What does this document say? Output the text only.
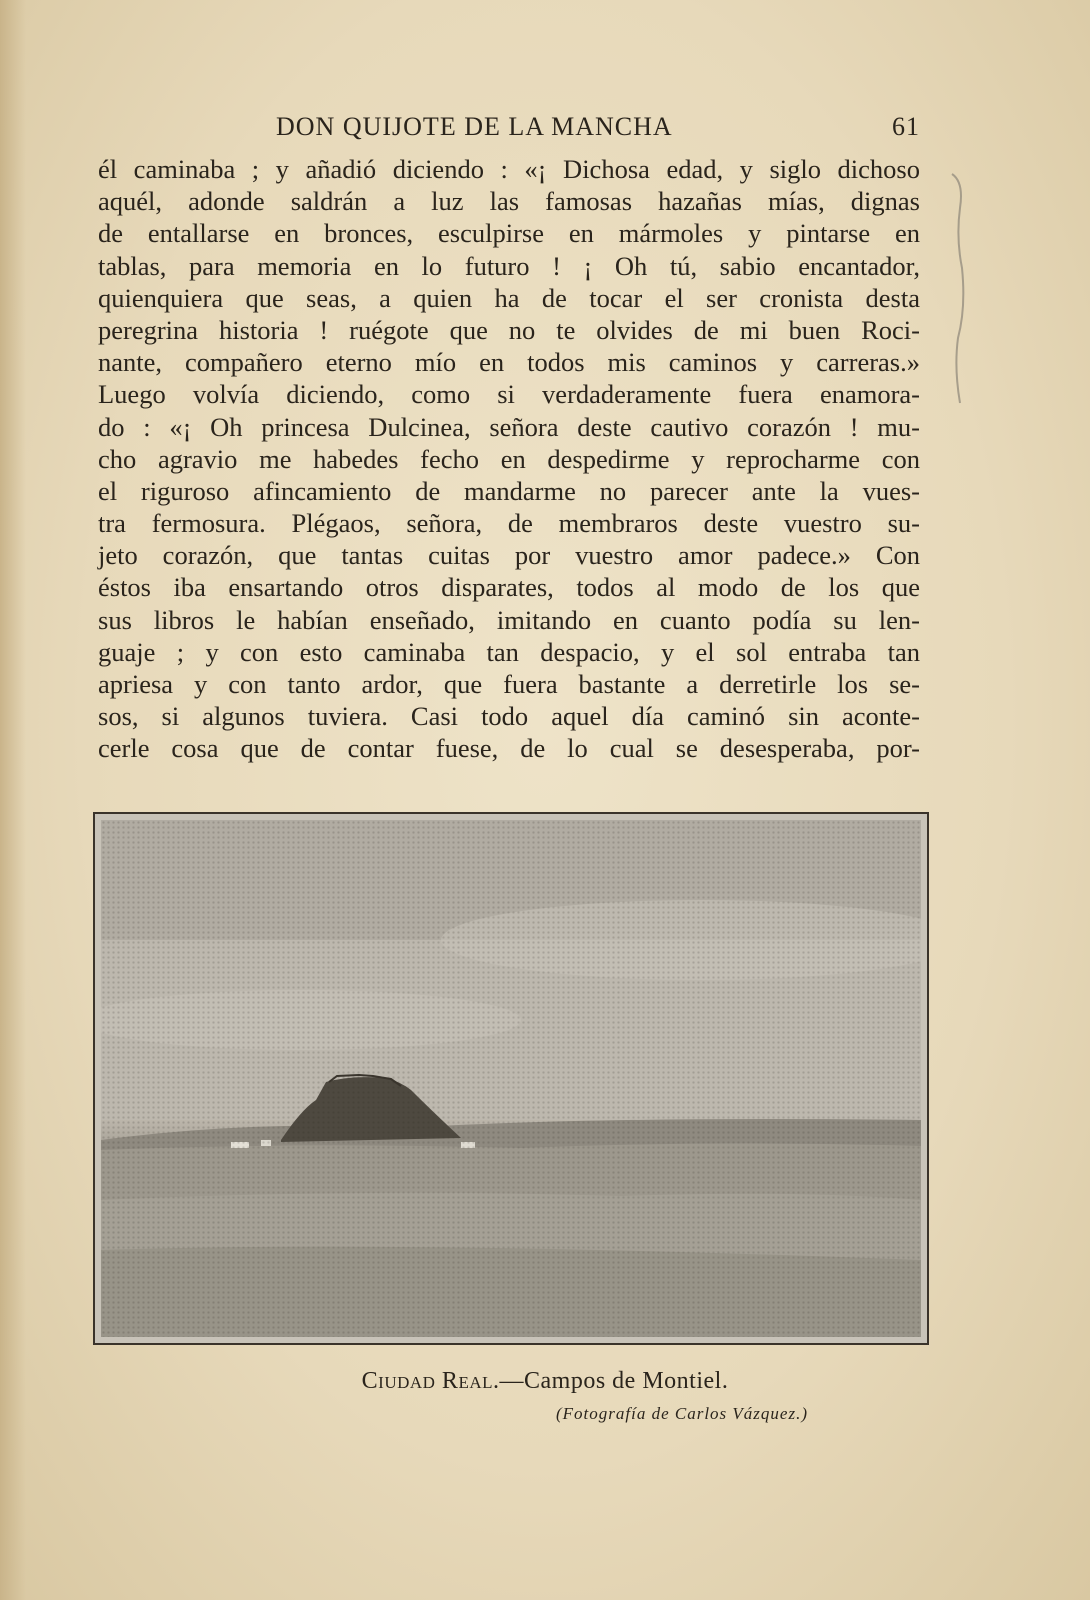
DON QUIJOTE DE LA MANCHA	61
él caminaba ; y añadió diciendo : «¡ Dichosa edad, y siglo dichoso
aquél, adonde saldrán a luz las famosas hazañas mías, dignas
de entallarse en bronces, esculpirse en mármoles y pintarse en
tablas, para memoria en lo futuro ! ¡ Oh tú, sabio encantador,
quienquiera que seas, a quien ha de tocar el ser cronista desta
peregrina historia ! ruégote que no te olvides de mi buen Roci-
nante, compañero eterno mío en todos mis caminos y carreras.»
Luego volvía diciendo, como si verdaderamente fuera enamora-
do : «¡ Oh princesa Dulcinea, señora deste cautivo corazón ! mu-
cho agravio me habedes fecho en despedirme y reprocharme con
el riguroso afincamiento de mandarme no parecer ante la vues-
tra fermosura. Plégaos, señora, de membraros deste vuestro su-
jeto corazón, que tantas cuitas por vuestro amor padece.» Con
éstos iba ensartando otros disparates, todos al modo de los que
sus libros le habían enseñado, imitando en cuanto podía su len-
guaje ; y con esto caminaba tan despacio, y el sol entraba tan
apriesa y con tanto ardor, que fuera bastante a derretirle los se-
sos, si algunos tuviera. Casi todo aquel día caminó sin aconte-
cerle cosa que de contar fuese, de lo cual se desesperaba, por-
Ciudad Real.—Campos de Montiel.
(Fotografía de Carlos Vázquez.)
